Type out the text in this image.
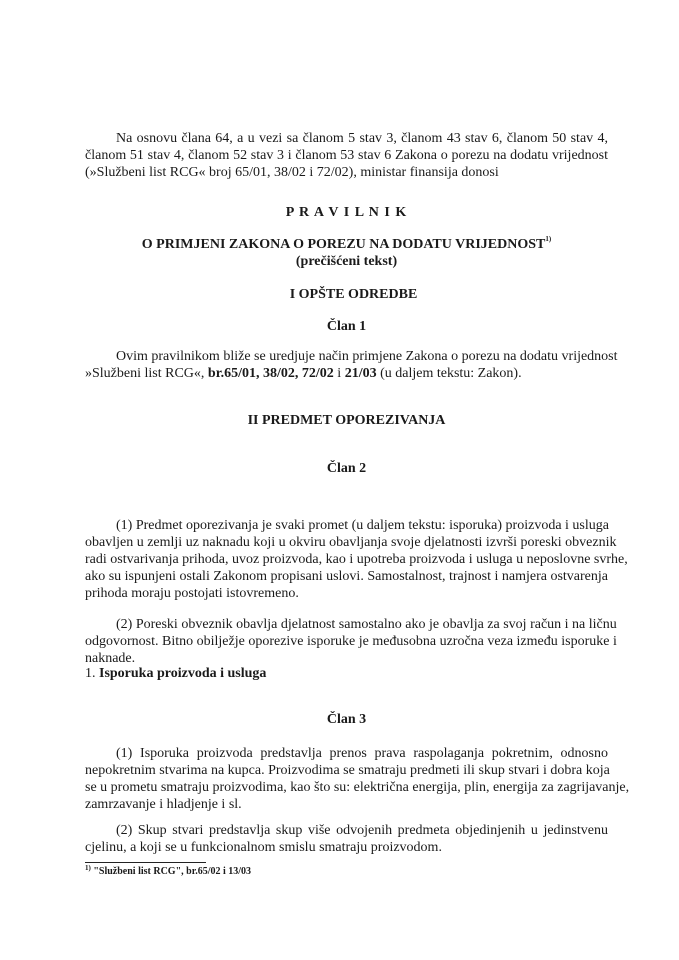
Na osnovu člana 64, a u vezi sa članom 5 stav 3, članom 43 stav 6, članom 50 stav 4,
članom 51 stav 4, članom 52 stav 3 i članom 53 stav 6 Zakona o porezu na dodatu vrijednost
(»Službeni list RCG« broj 65/01, 38/02 i 72/02), ministar finansija donosi
P R A V I L N I K
O PRIMJENI ZAKONA O POREZU NA DODATU VRIJEDNOST$^{1)}$
(prečišćeni tekst)
I OPŠTE ODREDBE
Član 1
Ovim pravilnikom bliže se uredjuje način primjene Zakona o porezu na dodatu vrijednost
»Službeni list RCG«, br.65/01, 38/02, 72/02 i 21/03 (u daljem tekstu: Zakon).
II PREDMET OPOREZIVANJA
Član 2
(1) Predmet oporezivanja je svaki promet (u daljem tekstu: isporuka) proizvoda i usluga
obavljen u zemlji uz naknadu koji u okviru obavljanja svoje djelatnosti izvrši poreski obveznik
radi ostvarivanja prihoda, uvoz proizvoda, kao i upotreba proizvoda i usluga u neposlovne svrhe,
ako su ispunjeni ostali Zakonom propisani uslovi. Samostalnost, trajnost i namjera ostvarenja
prihoda moraju postojati istovremeno.
(2) Poreski obveznik obavlja djelatnost samostalno ako je obavlja za svoj račun i na ličnu
odgovornost. Bitno obilježje oporezive isporuke je međusobna uzročna veza između isporuke i
naknade.
1. Isporuka proizvoda i usluga
Član 3
(1) Isporuka proizvoda predstavlja prenos prava raspolaganja pokretnim, odnosno
nepokretnim stvarima na kupca. Proizvodima se smatraju predmeti ili skup stvari i dobra koja
se u prometu smatraju proizvodima, kao što su: električna energija, plin, energija za zagrijavanje,
zamrzavanje i hladjenje i sl.
(2) Skup stvari predstavlja skup više odvojenih predmeta objedinjenih u jedinstvenu
cjelinu, a koji se u funkcionalnom smislu smatraju proizvodom.
$^{1)}$ "Službeni list RCG", br.65/02 i 13/03
